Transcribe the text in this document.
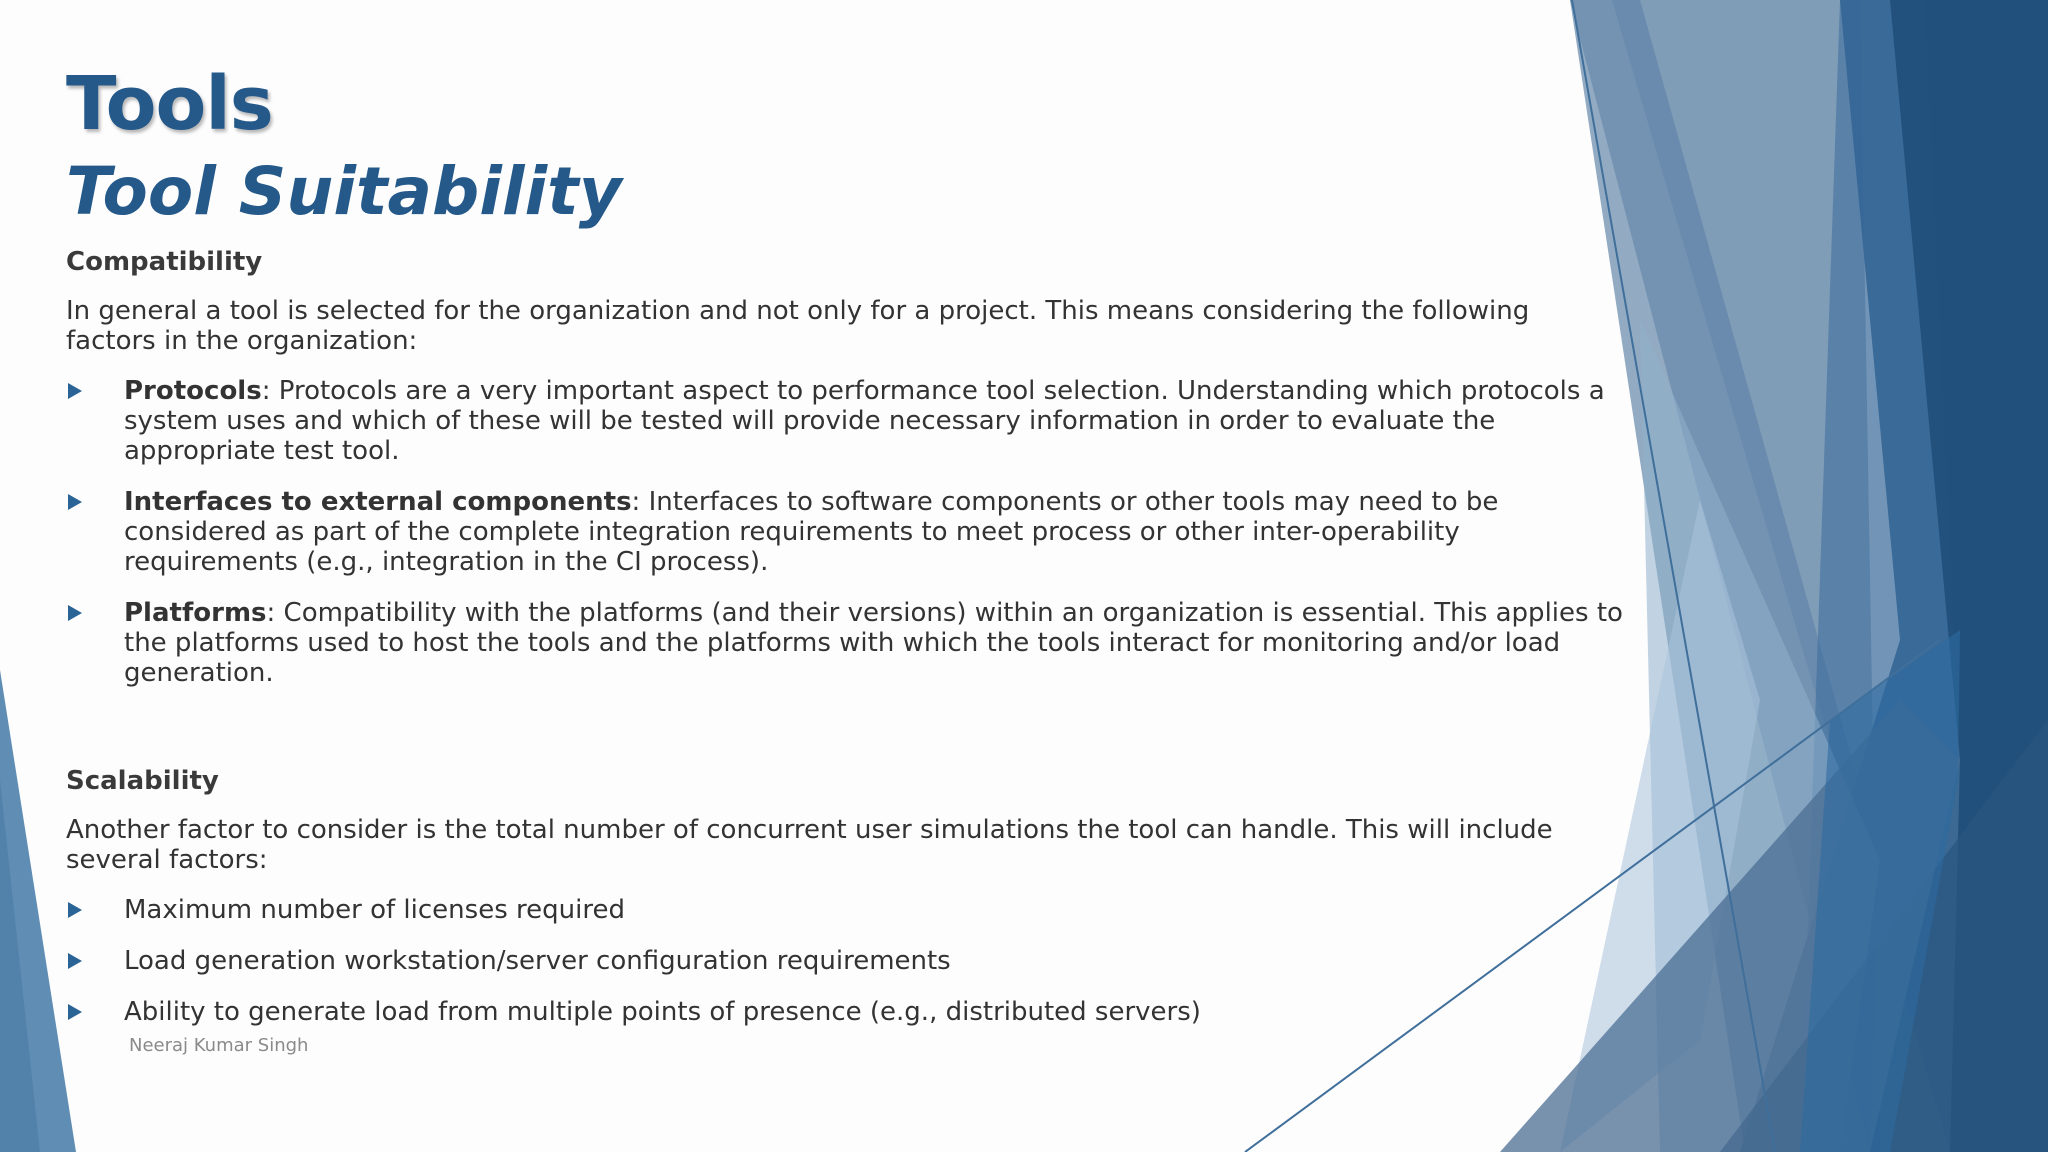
Tools
Tool Suitability
Compatibility

In general a tool is selected for the organization and not only for a project. This means considering the following factors in the organization:

Protocols: Protocols are a very important aspect to performance tool selection. Understanding which protocols a system uses and which of these will be tested will provide necessary information in order to evaluate the appropriate test tool.
Interfaces to external components: Interfaces to software components or other tools may need to be considered as part of the complete integration requirements to meet process or other inter-operability requirements (e.g., integration in the CI process).
Platforms: Compatibility with the platforms (and their versions) within an organization is essential. This applies to the platforms used to host the tools and the platforms with which the tools interact for monitoring and/or load generation.
Scalability

Another factor to consider is the total number of concurrent user simulations the tool can handle. This will include several factors:

Maximum number of licenses required
Load generation workstation/server configuration requirements
Ability to generate load from multiple points of presence (e.g., distributed servers)
Neeraj Kumar Singh
